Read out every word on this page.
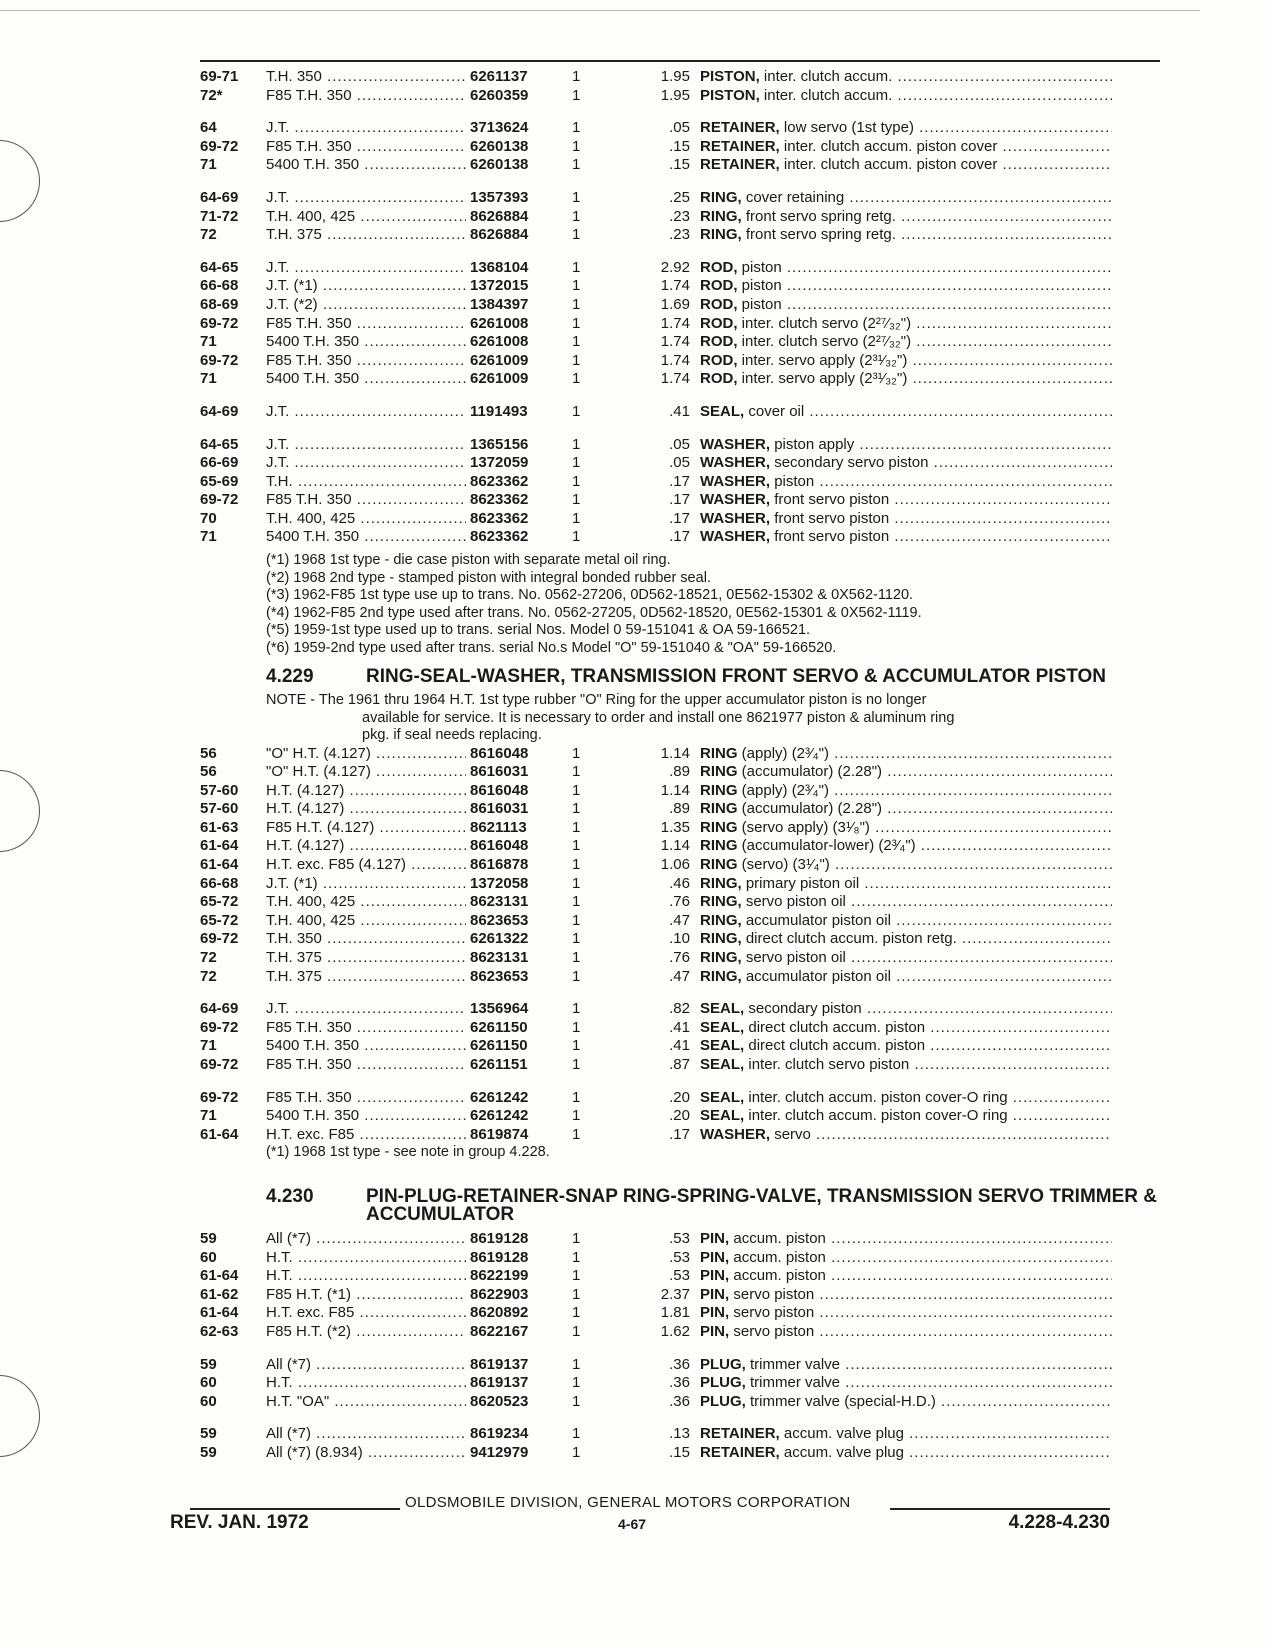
69-71 T.H. 350 .....	6261137	1	1.95 PISTON, inter. clutch accum. .....
72*	F85 T.H. 350 .....	6260359	1	1.95 PISTON, inter. clutch accum. .....
64	J.T. .....	3713624	1	.05 RETAINER, low servo (1st type) .....
69-72 F85 T.H. 350 .....	6260138	1	.15 RETAINER, inter. clutch accum. piston cover .....
71	5400 T.H. 350 .....	6260138	1	.15 RETAINER, inter. clutch accum. piston cover .....
64-69 J.T. .....	1357393	1	.25 RING, cover retaining .....
71-72 T.H. 400, 425 .....	8626884	1	.23 RING, front servo spring retg. .....
72	T.H. 375 .....	8626884	1	.23 RING, front servo spring retg. .....
64-65 J.T. .....	1368104	1	2.92 ROD, piston .....
66-68 J.T. (*1) .....	1372015	1	1.74 ROD, piston .....
68-69 J.T. (*2) .....	1384397	1	1.69 ROD, piston .....
69-72 F85 T.H. 350 .....	6261008	1	1.74 ROD, inter. clutch servo (2²⁷⁄₃₂") .....
71	5400 T.H. 350 .....	6261008	1	1.74 ROD, inter. clutch servo (2²⁷⁄₃₂") .....
69-72 F85 T.H. 350 .....	6261009	1	1.74 ROD, inter. servo apply (2³¹⁄₃₂") .....
71	5400 T.H. 350 .....	6261009	1	1.74 ROD, inter. servo apply (2³¹⁄₃₂") .....
64-69 J.T. .....	1191493	1	.41 SEAL, cover oil .....
64-65 J.T. .....	1365156	1	.05 WASHER, piston apply .....
66-69 J.T. .....	1372059	1	.05 WASHER, secondary servo piston .....
65-69 T.H. .....	8623362	1	.17 WASHER, piston .....
69-72 F85 T.H. 350 .....	8623362	1	.17 WASHER, front servo piston .....
70	T.H. 400, 425 .....	8623362	1	.17 WASHER, front servo piston .....
71	5400 T.H. 350 .....	8623362	1	.17 WASHER, front servo piston .....
(*1) 1968 1st type - die case piston with separate metal oil ring.
(*2) 1968 2nd type - stamped piston with integral bonded rubber seal.
(*3) 1962-F85 1st type use up to trans. No. 0562-27206, 0D562-18521, 0E562-15302 & 0X562-1120.
(*4) 1962-F85 2nd type used after trans. No. 0562-27205, 0D562-18520, 0E562-15301 & 0X562-1119.
(*5) 1959-1st type used up to trans. serial Nos. Model 0 59-151041 & OA 59-166521.
(*6) 1959-2nd type used after trans. serial No.s Model "O" 59-151040 & "OA" 59-166520.
4.229	RING-SEAL-WASHER, TRANSMISSION FRONT SERVO & ACCUMULATOR PISTON
NOTE - The 1961 thru 1964 H.T. 1st type rubber "O" Ring for the upper accumulator piston is no longer
available for service. It is necessary to order and install one 8621977 piston & aluminum ring
pkg. if seal needs replacing.
56	"O" H.T. (4.127) .....	8616048	1	1.14 RING (apply) (2³⁄₄") .....
56	"O" H.T. (4.127) .....	8616031	1	.89 RING (accumulator) (2.28") .....
57-60 H.T. (4.127) .....	8616048	1	1.14 RING (apply) (2³⁄₄") .....
57-60 H.T. (4.127) .....	8616031	1	.89 RING (accumulator) (2.28") .....
61-63 F85 H.T. (4.127) .....	8621113	1	1.35 RING (servo apply) (3¹⁄₈") .....
61-64 H.T. (4.127) .....	8616048	1	1.14 RING (accumulator-lower) (2³⁄₄") .....
61-64 H.T. exc. F85 (4.127) .....	8616878	1	1.06 RING (servo) (3¹⁄₄") .....
66-68 J.T. (*1) .....	1372058	1	.46 RING, primary piston oil .....
65-72 T.H. 400, 425 .....	8623131	1	.76 RING, servo piston oil .....
65-72 T.H. 400, 425 .....	8623653	1	.47 RING, accumulator piston oil .....
69-72 T.H. 350 .....	6261322	1	.10 RING, direct clutch accum. piston retg. .....
72	T.H. 375 .....	8623131	1	.76 RING, servo piston oil .....
72	T.H. 375 .....	8623653	1	.47 RING, accumulator piston oil .....
64-69 J.T. .....	1356964	1	.82 SEAL, secondary piston .....
69-72 F85 T.H. 350 .....	6261150	1	.41 SEAL, direct clutch accum. piston .....
71	5400 T.H. 350 .....	6261150	1	.41 SEAL, direct clutch accum. piston .....
69-72 F85 T.H. 350 .....	6261151	1	.87 SEAL, inter. clutch servo piston .....
69-72 F85 T.H. 350 .....	6261242	1	.20 SEAL, inter. clutch accum. piston cover-O ring .....
71	5400 T.H. 350 .....	6261242	1	.20 SEAL, inter. clutch accum. piston cover-O ring .....
61-64 H.T. exc. F85 .....	8619874	1	.17 WASHER, servo .....
(*1) 1968 1st type - see note in group 4.228.
4.230	PIN-PLUG-RETAINER-SNAP RING-SPRING-VALVE, TRANSMISSION SERVO TRIMMER & ACCUMULATOR
59	All (*7) .....	8619128	1	.53 PIN, accum. piston .....
60	H.T. .....	8619128	1	.53 PIN, accum. piston .....
61-64 H.T. .....	8622199	1	.53 PIN, accum. piston .....
61-62 F85 H.T. (*1) .....	8622903	1	2.37 PIN, servo piston .....
61-64 H.T. exc. F85 .....	8620892	1	1.81 PIN, servo piston .....
62-63 F85 H.T. (*2) .....	8622167	1	1.62 PIN, servo piston .....
59	All (*7) .....	8619137	1	.36 PLUG, trimmer valve .....
60	H.T. .....	8619137	1	.36 PLUG, trimmer valve .....
60	H.T. "OA" .....	8620523	1	.36 PLUG, trimmer valve (special-H.D.) .....
59	All (*7) .....	8619234	1	.13 RETAINER, accum. valve plug .....
59	All (*7) (8.934) .....	9412979	1	.15 RETAINER, accum. valve plug .....
OLDSMOBILE DIVISION, GENERAL MOTORS CORPORATION
REV. JAN. 1972	4-67	4.228-4.230
